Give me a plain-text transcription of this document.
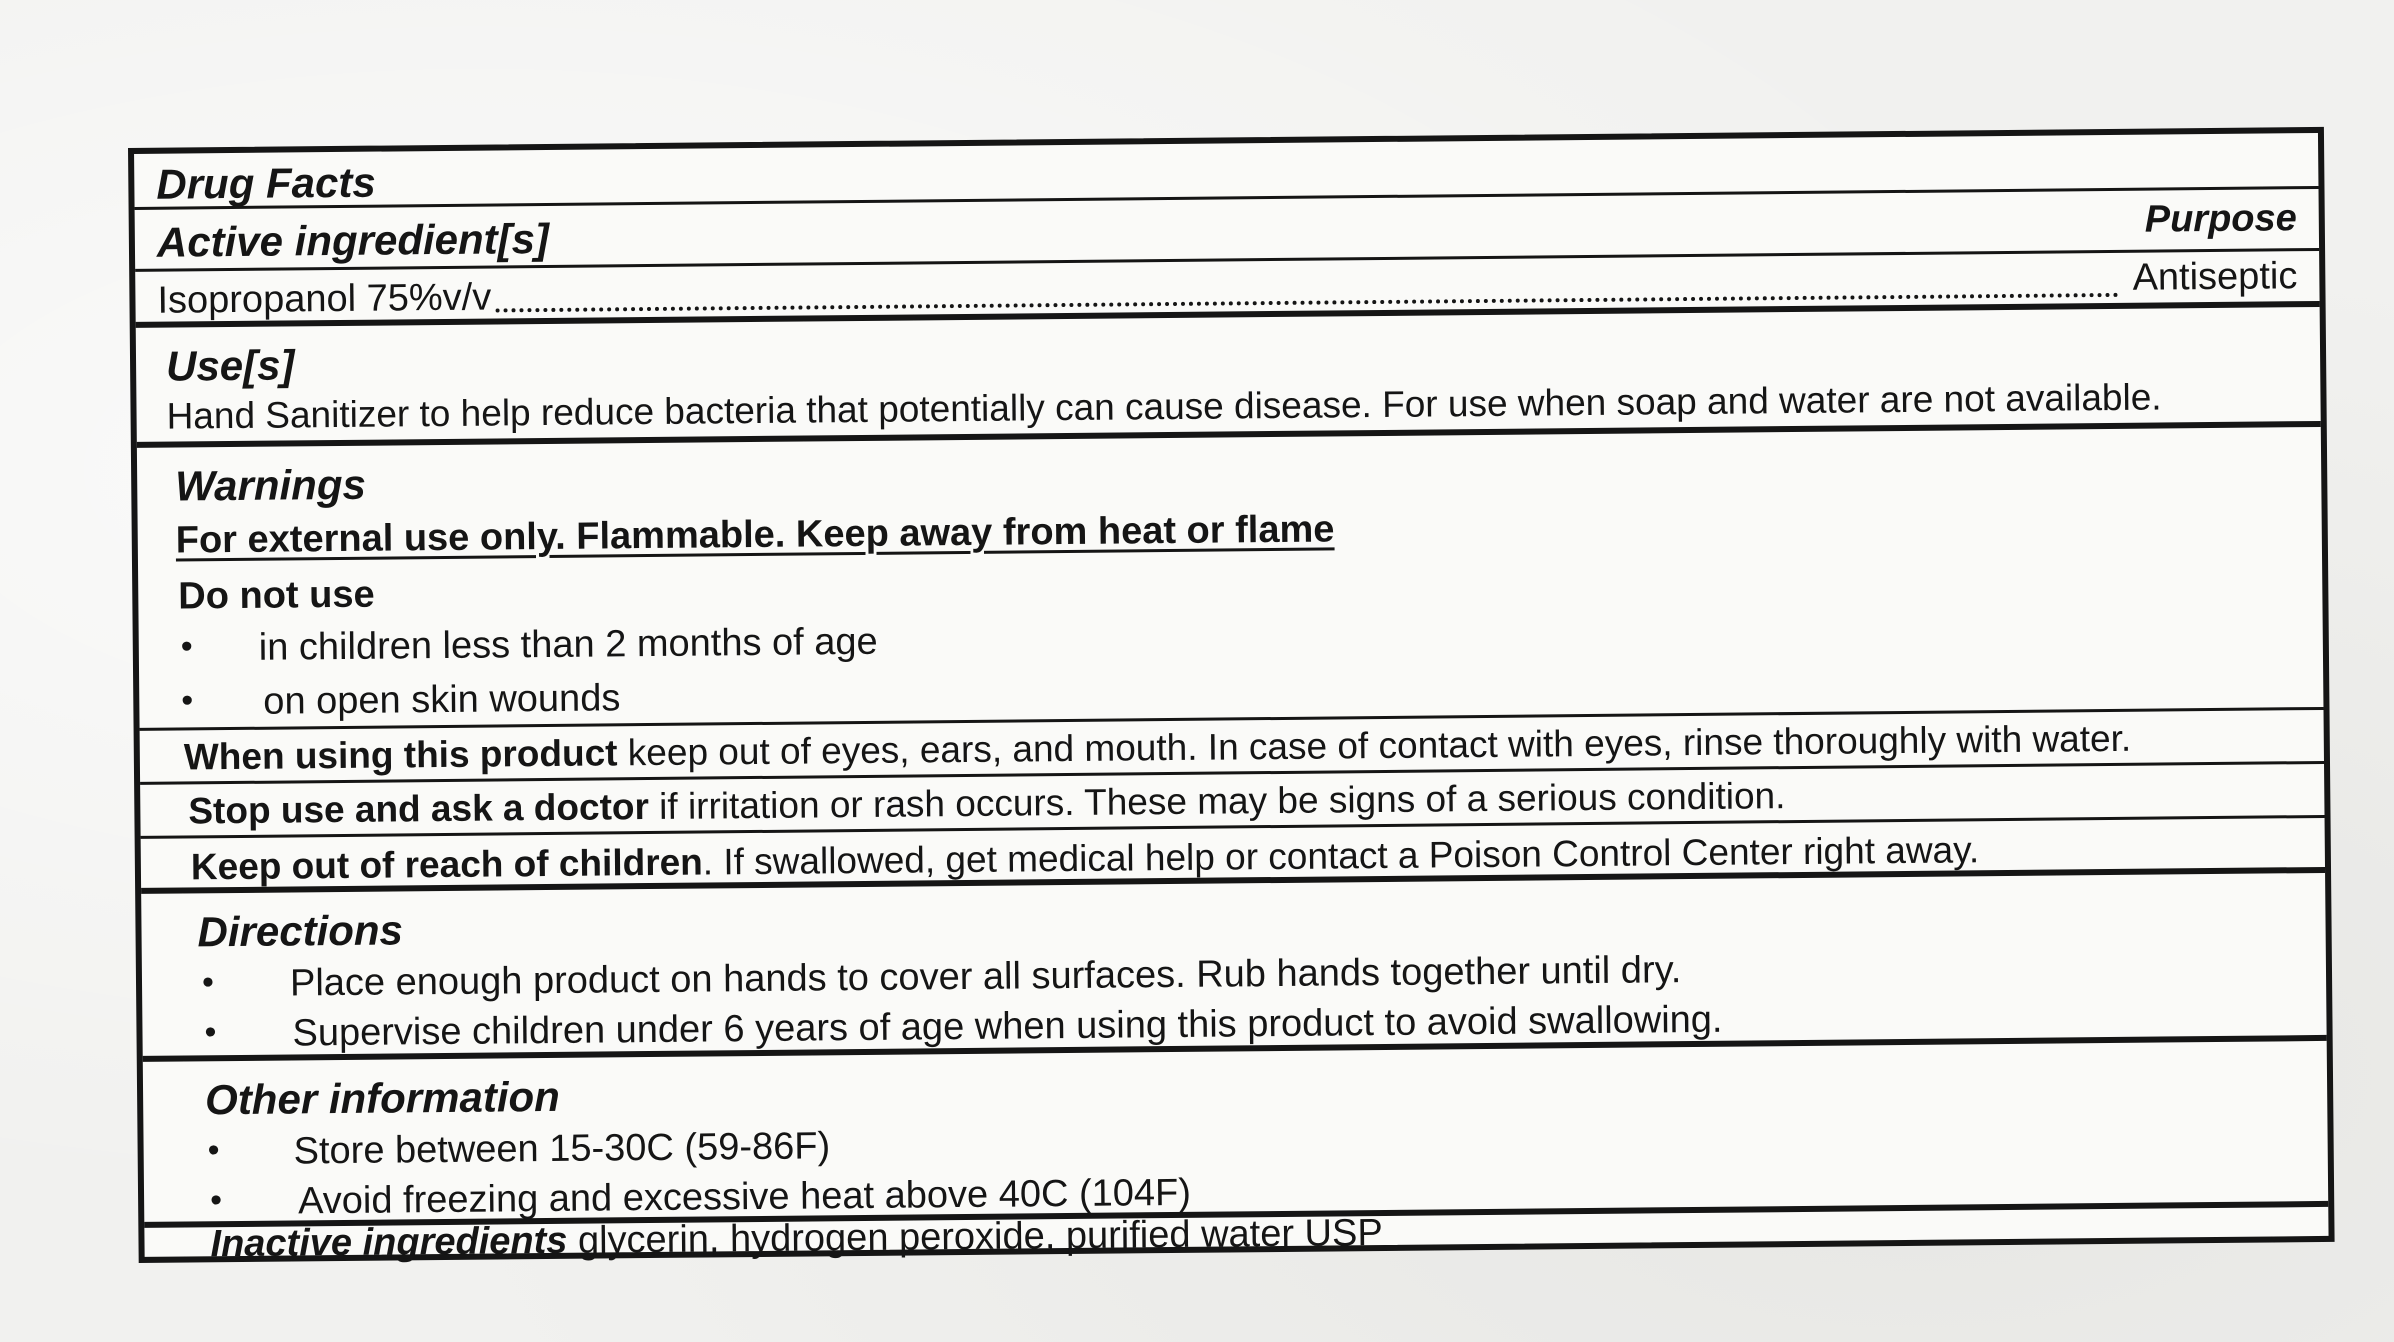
Drug Facts
Active ingredient[s]	Purpose
Isopropanol 75%v/v	Antiseptic
Use[s]
Hand Sanitizer to help reduce bacteria that potentially can cause disease. For use when soap and water are not available.
Warnings
For external use only. Flammable. Keep away from heat or flame
Do not use
• in children less than 2 months of age
• on open skin wounds
When using this product keep out of eyes, ears, and mouth. In case of contact with eyes, rinse thoroughly with water.
Stop use and ask a doctor if irritation or rash occurs. These may be signs of a serious condition.
Keep out of reach of children. If swallowed, get medical help or contact a Poison Control Center right away.
Directions
• Place enough product on hands to cover all surfaces. Rub hands together until dry.
• Supervise children under 6 years of age when using this product to avoid swallowing.
Other information
• Store between 15-30C (59-86F)
• Avoid freezing and excessive heat above 40C (104F)
Inactive ingredients glycerin, hydrogen peroxide, purified water USP
